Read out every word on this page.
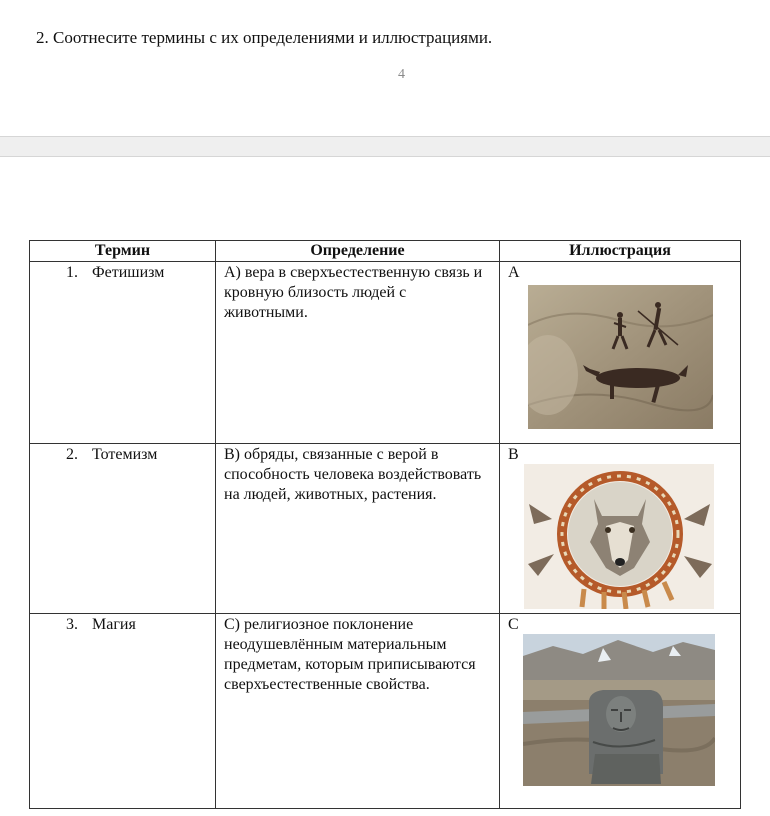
2. Соотнесите термины с их определениями и иллюстрациями.
4
Термин	Определение	Иллюстрация
1. Фетишизм	А) вера в сверхъестественную связь и кровную близость людей с животными.	А

2. Тотемизм	В) обряды, связанные с верой в способность человека воздействовать на людей, животных, растения.	В

3. Магия	С) религиозное поклонение неодушевлённым материальным предметам, которым приписываются сверхъестественные свойства.	С
